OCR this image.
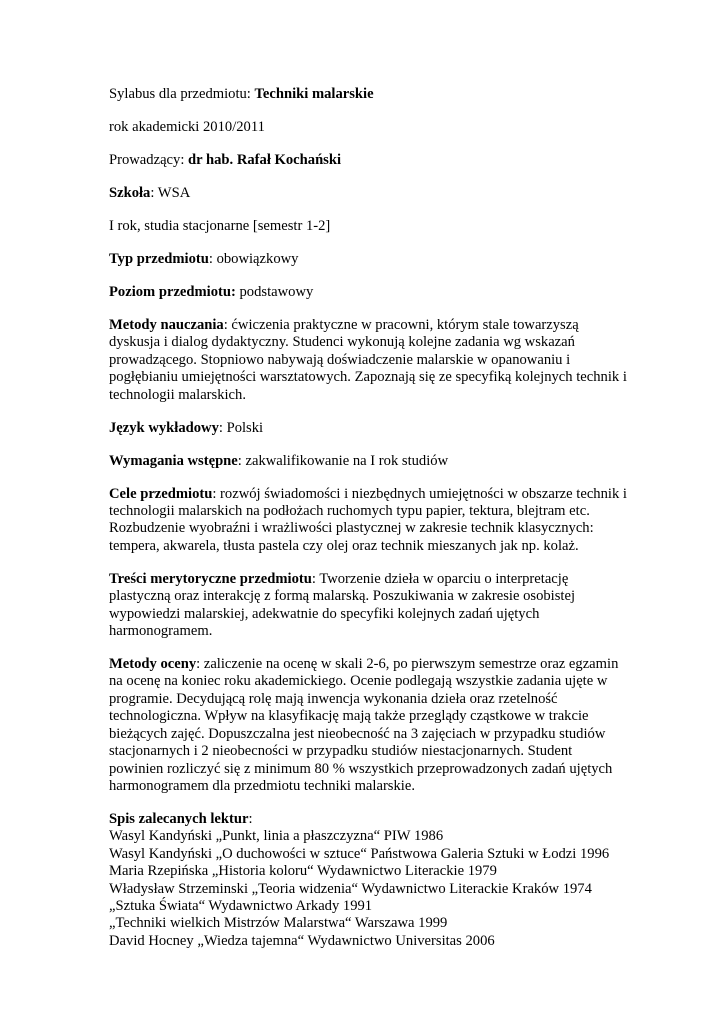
Sylabus dla przedmiotu: Techniki malarskie

rok akademicki 2010/2011

Prowadzący: dr hab. Rafał Kochański

Szkoła: WSA

I rok, studia stacjonarne [semestr 1-2]

Typ przedmiotu: obowiązkowy

Poziom przedmiotu: podstawowy

Metody nauczania: ćwiczenia praktyczne w pracowni, którym stale towarzyszą dyskusja i dialog dydaktyczny. Studenci wykonują kolejne zadania wg wskazań prowadzącego. Stopniowo nabywają doświadczenie malarskie w opanowaniu i pogłębianiu umiejętności warsztatowych. Zapoznają się ze specyfiką kolejnych technik i technologii malarskich.

Język wykładowy: Polski

Wymagania wstępne: zakwalifikowanie na I rok studiów

Cele przedmiotu: rozwój świadomości i niezbędnych umiejętności w obszarze technik i technologii malarskich na podłożach ruchomych typu papier, tektura, blejtram etc. Rozbudzenie wyobraźni i wrażliwości plastycznej w zakresie technik klasycznych: tempera, akwarela, tłusta pastela czy olej oraz technik mieszanych jak np. kolaż.

Treści merytoryczne przedmiotu: Tworzenie dzieła w oparciu o interpretację plastyczną oraz interakcję z formą malarską. Poszukiwania w zakresie osobistej wypowiedzi malarskiej, adekwatnie do specyfiki kolejnych zadań ujętych harmonogramem.

Metody oceny: zaliczenie na ocenę w skali 2-6, po pierwszym semestrze oraz egzamin na ocenę na koniec roku akademickiego. Ocenie podlegają wszystkie zadania ujęte w programie. Decydującą rolę mają inwencja wykonania dzieła oraz rzetelność technologiczna. Wpływ na klasyfikację mają także przeglądy cząstkowe w trakcie bieżących zajęć. Dopuszczalna jest nieobecność na 3 zajęciach w przypadku studiów stacjonarnych i 2 nieobecności w przypadku studiów niestacjonarnych. Student powinien rozliczyć się z minimum 80 % wszystkich przeprowadzonych zadań ujętych harmonogramem dla przedmiotu techniki malarskie.

Spis zalecanych lektur:

Wasyl Kandyński „Punkt, linia a płaszczyzna“ PIW 1986
Wasyl Kandyński „O duchowości w sztuce“ Państwowa Galeria Sztuki w Łodzi 1996
Maria Rzepińska „Historia koloru“ Wydawnictwo Literackie 1979
Władysław Strzeminski „Teoria widzenia“ Wydawnictwo Literackie Kraków 1974
„Sztuka Świata“ Wydawnictwo Arkady 1991
„Techniki wielkich Mistrzów Malarstwa“ Warszawa 1999
David Hocney „Wiedza tajemna“ Wydawnictwo Universitas 2006
